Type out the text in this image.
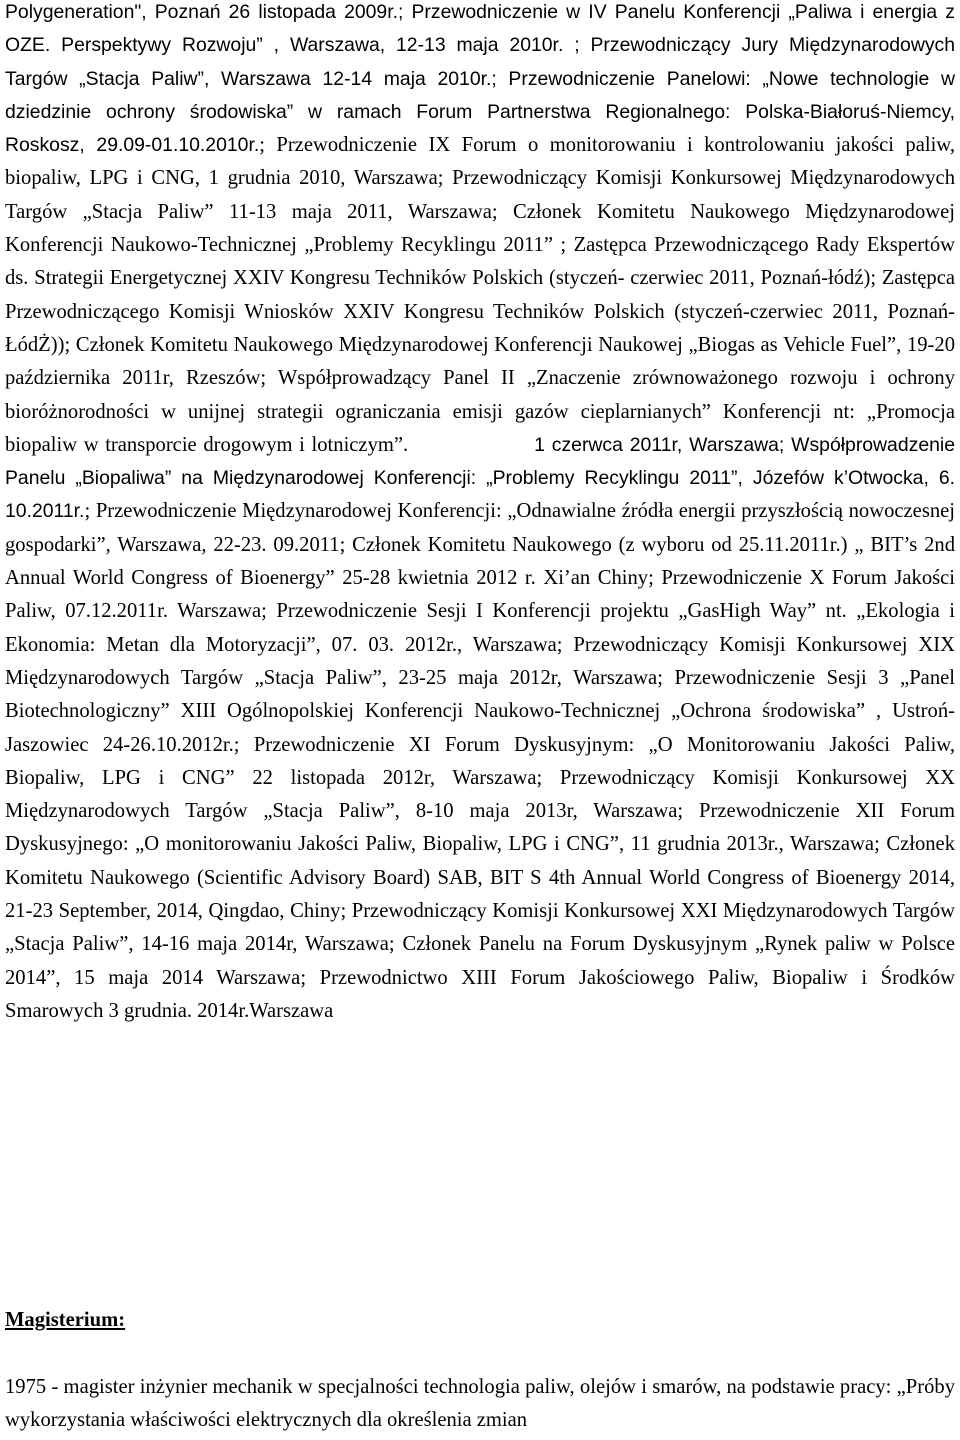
Polygeneration", Poznań 26 listopada 2009r.; Przewodniczenie w IV Panelu Konferencji „Paliwa i energia z OZE. Perspektywy Rozwoju” , Warszawa, 12-13 maja 2010r. ; Przewodniczący Jury Międzynarodowych Targów „Stacja Paliw”, Warszawa 12-14 maja 2010r.; Przewodniczenie Panelowi: „Nowe technologie w dziedzinie ochrony środowiska” w ramach Forum Partnerstwa Regionalnego: Polska-Białoruś-Niemcy, Roskosz, 29.09-01.10.2010r.; Przewodniczenie IX Forum o monitorowaniu i kontrolowaniu jakości paliw, biopaliw, LPG i CNG, 1 grudnia 2010, Warszawa; Przewodniczący Komisji Konkursowej Międzynarodowych Targów „Stacja Paliw” 11-13 maja 2011, Warszawa; Członek Komitetu Naukowego Międzynarodowej Konferencji Naukowo-Technicznej „Problemy Recyklingu 2011” ; Zastępca Przewodniczącego Rady Ekspertów ds. Strategii Energetycznej XXIV Kongresu Techników Polskich (styczeń- czerwiec 2011, Poznań-łódź); Zastępca Przewodniczącego Komisji Wniosków XXIV Kongresu Techników Polskich (styczeń-czerwiec 2011, Poznań-ŁódŻ)); Członek Komitetu Naukowego Międzynarodowej Konferencji Naukowej „Biogas as Vehicle Fuel”, 19-20 października 2011r, Rzeszów; Współprowadzący Panel II „Znaczenie zrównoważonego rozwoju i ochrony bioróżnorodności w unijnej strategii ograniczania emisji gazów cieplarnianych” Konferencji nt: „Promocja biopaliw w transporcie drogowym i lotniczym”.	1 czerwca 2011r, Warszawa; Współprowadzenie Panelu „Biopaliwa” na Międzynarodowej Konferencji: „Problemy Recyklingu 2011”, Józefów k’Otwocka, 6. 10.2011r.; Przewodniczenie Międzynarodowej Konferencji: „Odnawialne źródła energii przyszłością nowoczesnej gospodarki”, Warszawa, 22-23. 09.2011; Członek Komitetu Naukowego (z wyboru od 25.11.2011r.) „ BIT’s 2nd Annual World Congress of Bioenergy” 25-28 kwietnia 2012 r. Xi’an Chiny; Przewodniczenie X Forum Jakości Paliw, 07.12.2011r. Warszawa; Przewodniczenie Sesji I Konferencji projektu „GasHigh Way” nt. „Ekologia i Ekonomia: Metan dla Motoryzacji”, 07. 03. 2012r., Warszawa; Przewodniczący Komisji Konkursowej XIX Międzynarodowych Targów „Stacja Paliw”, 23-25 maja 2012r, Warszawa; Przewodniczenie Sesji 3 „Panel Biotechnologiczny” XIII Ogólnopolskiej Konferencji Naukowo-Technicznej „Ochrona środowiska” , Ustroń-Jaszowiec 24-26.10.2012r.; Przewodniczenie XI Forum Dyskusyjnym: „O Monitorowaniu Jakości Paliw, Biopaliw, LPG i CNG” 22 listopada 2012r, Warszawa; Przewodniczący Komisji Konkursowej XX Międzynarodowych Targów „Stacja Paliw”, 8-10 maja 2013r, Warszawa; Przewodniczenie XII Forum Dyskusyjnego: „O monitorowaniu Jakości Paliw, Biopaliw, LPG i CNG”, 11 grudnia 2013r., Warszawa; Członek Komitetu Naukowego (Scientific Advisory Board) SAB, BIT S 4th Annual World Congress of Bioenergy 2014, 21-23 September, 2014, Qingdao, Chiny; Przewodniczący Komisji Konkursowej XXI Międzynarodowych Targów „Stacja Paliw”, 14-16 maja 2014r, Warszawa; Członek Panelu na Forum Dyskusyjnym „Rynek paliw w Polsce 2014”, 15 maja 2014 Warszawa; Przewodnictwo XIII Forum Jakościowego Paliw, Biopaliw i Środków Smarowych 3 grudnia. 2014r.Warszawa

Magisterium:

1975 - magister inżynier mechanik w specjalności technologia paliw, olejów i smarów, na podstawie pracy: „Próby wykorzystania właściwości elektrycznych dla określenia zmian
